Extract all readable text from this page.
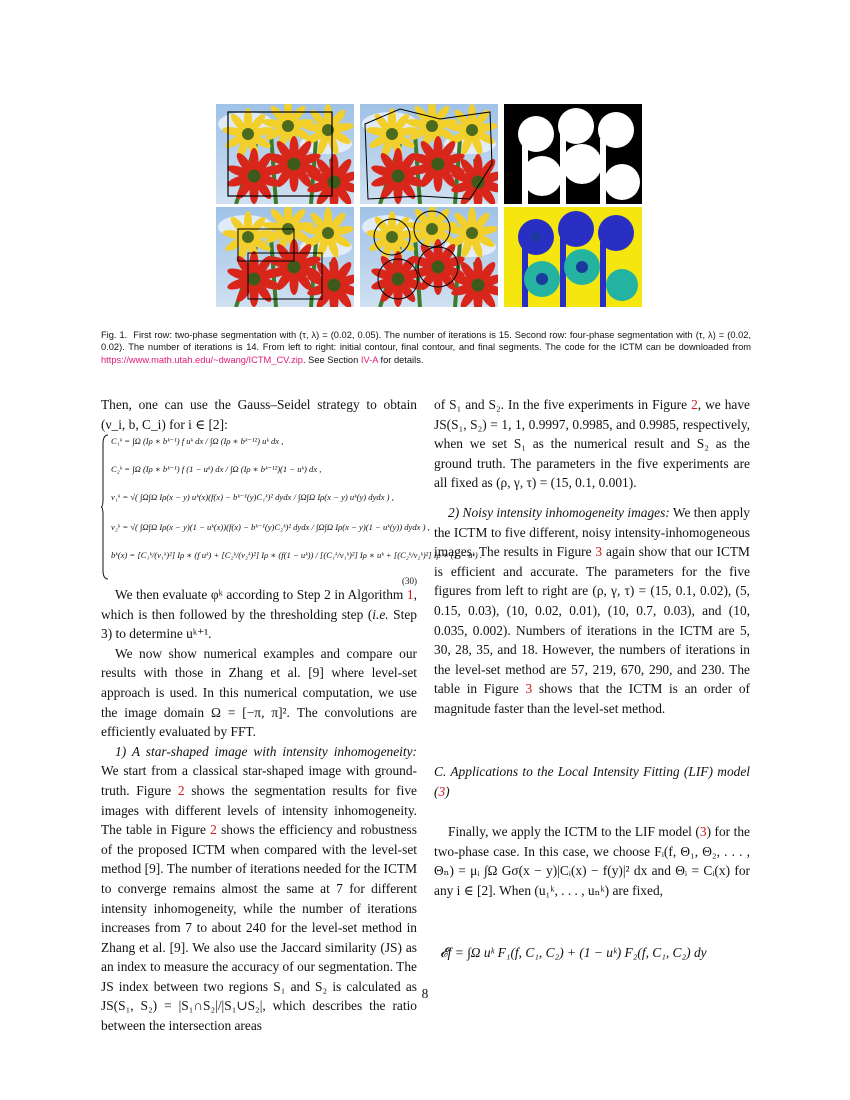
Fig. 1. First row: two-phase segmentation with (τ, λ) = (0.02, 0.05). The number of iterations is 15. Second row: four-phase segmentation with (τ, λ) = (0.02, 0.02). The number of iterations is 14. From left to right: initial contour, final contour, and final segments. The code for the ICTM can be downloaded from https://www.math.utah.edu/~dwang/ICTM_CV.zip. See Section IV-A for details.

Then, one can use the Gauss–Seidel strategy to obtain (ν_i, b, C_i) for i ∈ [2]:

C₁ᵏ = ∫Ω (Iρ ∗ bᵏ⁻¹) f uᵏ dx / ∫Ω (Iρ ∗ bᵏ⁻¹²) uᵏ dx ,
C₂ᵏ = ∫Ω (Iρ ∗ bᵏ⁻¹) f (1 − uᵏ) dx / ∫Ω (Iρ ∗ bᵏ⁻¹²)(1 − uᵏ) dx ,
ν₁ᵏ = √( ∫Ω∫Ω Iρ(x − y) uᵏ(x)(f(x) − bᵏ⁻¹(y)C₁ᵏ)² dydx / ∫Ω∫Ω Iρ(x − y) uᵏ(y) dydx ) ,
ν₂ᵏ = √( ∫Ω∫Ω Iρ(x − y)(1 − uᵏ(x))(f(x) − bᵏ⁻¹(y)C₂ᵏ)² dydx / ∫Ω∫Ω Iρ(x − y)(1 − uᵏ(y)) dydx ) ,
bᵏ(x) = [C₁ᵏ/(ν₁ᵏ)²] Iρ ∗ (f uᵏ) + [C₂ᵏ/(ν₂ᵏ)²] Iρ ∗ (f(1 − uᵏ)) / [(C₁ᵏ/ν₁ᵏ)²] Iρ ∗ uᵏ + [(C₂ᵏ/ν₂ᵏ)²] Iρ ∗ (1 − uᵏ) .
(30)

We then evaluate φᵏ according to Step 2 in Algorithm 1, which is then followed by the thresholding step (i.e. Step 3) to determine uᵏ⁺¹.

We now show numerical examples and compare our results with those in Zhang et al. [9] where level-set approach is used. In this numerical computation, we use the image domain Ω = [−π, π]². The convolutions are efficiently evaluated by FFT.

1) A star-shaped image with intensity inhomogeneity: We start from a classical star-shaped image with ground-truth. Figure 2 shows the segmentation results for five images with different levels of intensity inhomogeneity. The table in Figure 2 shows the efficiency and robustness of the proposed ICTM when compared with the level-set method [9]. The number of iterations needed for the ICTM to converge remains almost the same at 7 for different intensity inhomogeneity, while the number of iterations increases from 7 to about 240 for the level-set method in Zhang et al. [9]. We also use the Jaccard similarity (JS) as an index to measure the accuracy of our segmentation. The JS index between two regions S₁ and S₂ is calculated as JS(S₁, S₂) = |S₁∩S₂|/|S₁∪S₂|, which describes the ratio between the intersection areas

of S₁ and S₂. In the five experiments in Figure 2, we have JS(S₁, S₂) = 1, 1, 0.9997, 0.9985, and 0.9985, respectively, when we set S₁ as the numerical result and S₂ as the ground truth. The parameters in the five experiments are all fixed as (ρ, γ, τ) = (15, 0.1, 0.001).

2) Noisy intensity inhomogeneity images: We then apply the ICTM to five different, noisy intensity-inhomogeneous images. The results in Figure 3 again show that our ICTM is efficient and accurate. The parameters for the five figures from left to right are (ρ, γ, τ) = (15, 0.1, 0.02), (5, 0.15, 0.03), (10, 0.02, 0.01), (10, 0.7, 0.03), and (10, 0.035, 0.002). Numbers of iterations in the ICTM are 5, 30, 28, 35, and 18. However, the numbers of iterations in the level-set method are 57, 219, 670, 290, and 230. The table in Figure 3 shows that the ICTM is an order of magnitude faster than the level-set method.

C. Applications to the Local Intensity Fitting (LIF) model (3)

Finally, we apply the ICTM to the LIF model (3) for the two-phase case. In this case, we choose Fᵢ(f, Θ₁, Θ₂, . . . , Θₙ) = μᵢ ∫Ω Gσ(x − y)|Cᵢ(x) − f(y)|² dx and Θᵢ = Cᵢ(x) for any i ∈ [2]. When (u₁ᵏ, . . . , uₙᵏ) are fixed,

𝓔f = ∫Ω uᵏ F₁(f, C₁, C₂) + (1 − uᵏ) F₂(f, C₁, C₂) dy
8
